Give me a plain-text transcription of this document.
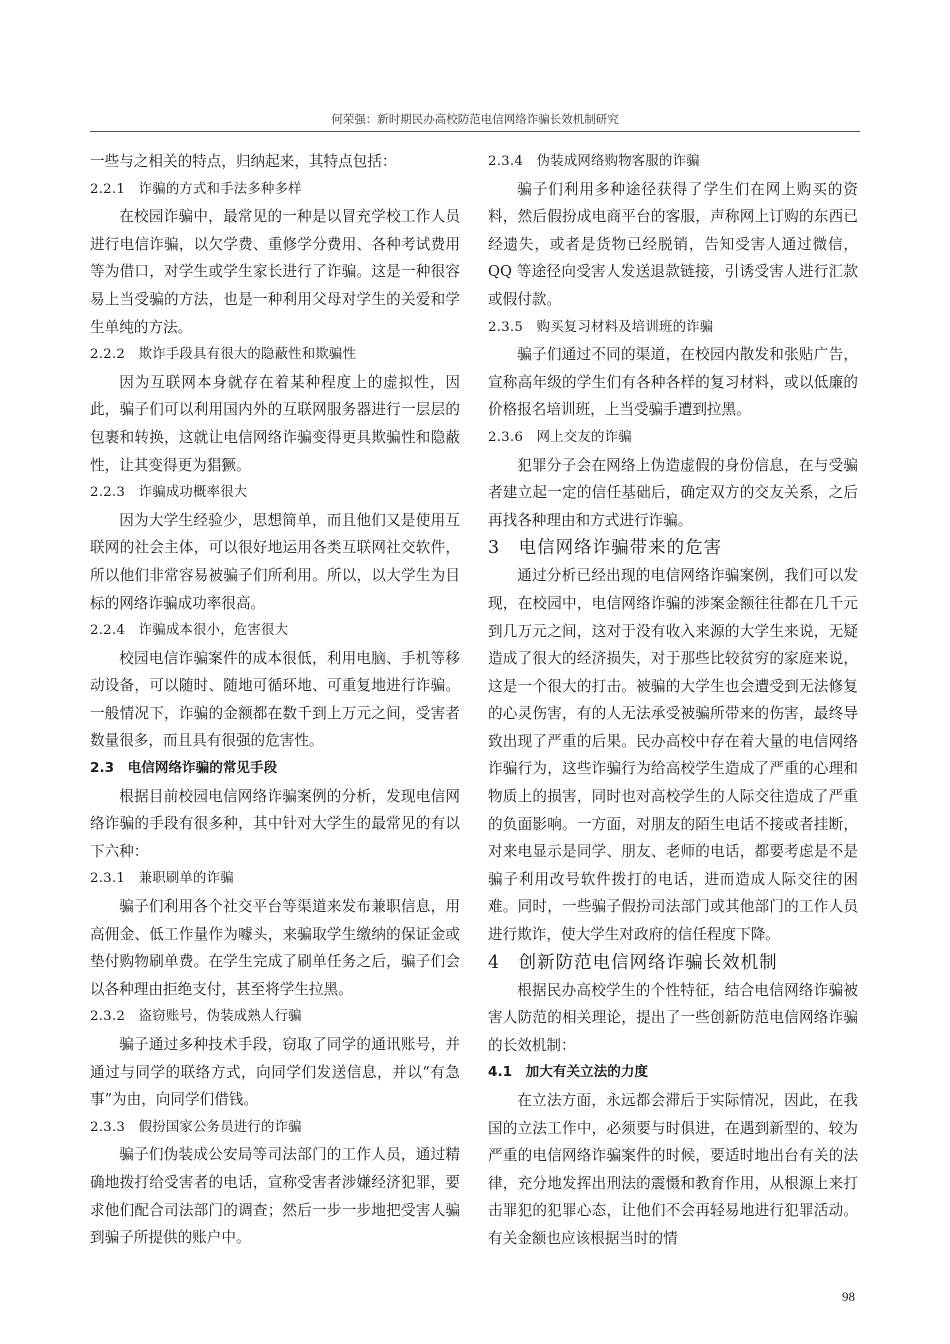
何荣强：新时期民办高校防范电信网络诈骗长效机制研究

一些与之相关的特点，归纳起来，其特点包括：

2.2.1　诈骗的方式和手法多种多样

在校园诈骗中，最常见的一种是以冒充学校工作人员进行电信诈骗，以欠学费、重修学分费用、各种考试费用等为借口，对学生或学生家长进行了诈骗。这是一种很容易上当受骗的方法，也是一种利用父母对学生的关爱和学生单纯的方法。

2.2.2　欺诈手段具有很大的隐蔽性和欺骗性

因为互联网本身就存在着某种程度上的虚拟性，因此，骗子们可以利用国内外的互联网服务器进行一层层的包裹和转换，这就让电信网络诈骗变得更具欺骗性和隐蔽性，让其变得更为猖獗。

2.2.3　诈骗成功概率很大

因为大学生经验少，思想简单，而且他们又是使用互联网的社会主体，可以很好地运用各类互联网社交软件，所以他们非常容易被骗子们所利用。所以，以大学生为目标的网络诈骗成功率很高。

2.2.4　诈骗成本很小，危害很大

校园电信诈骗案件的成本很低，利用电脑、手机等移动设备，可以随时、随地可循环地、可重复地进行诈骗。一般情况下，诈骗的金额都在数千到上万元之间，受害者数量很多，而且具有很强的危害性。

2.3　电信网络诈骗的常见手段

根据目前校园电信网络诈骗案例的分析，发现电信网络诈骗的手段有很多种，其中针对大学生的最常见的有以下六种：

2.3.1　兼职刷单的诈骗

骗子们利用各个社交平台等渠道来发布兼职信息，用高佣金、低工作量作为噱头，来骗取学生缴纳的保证金或垫付购物刷单费。在学生完成了刷单任务之后，骗子们会以各种理由拒绝支付，甚至将学生拉黑。

2.3.2　盗窃账号，伪装成熟人行骗

骗子通过多种技术手段，窃取了同学的通讯账号，并通过与同学的联络方式，向同学们发送信息，并以“有急事”为由，向同学们借钱。

2.3.3　假扮国家公务员进行的诈骗

骗子们伪装成公安局等司法部门的工作人员，通过精确地拨打给受害者的电话，宣称受害者涉嫌经济犯罪，要求他们配合司法部门的调查；然后一步一步地把受害人骗到骗子所提供的账户中。

2.3.4　伪装成网络购物客服的诈骗

骗子们利用多种途径获得了学生们在网上购买的资料，然后假扮成电商平台的客服，声称网上订购的东西已经遗失，或者是货物已经脱销，告知受害人通过微信，QQ 等途径向受害人发送退款链接，引诱受害人进行汇款或假付款。

2.3.5　购买复习材料及培训班的诈骗

骗子们通过不同的渠道，在校园内散发和张贴广告，宣称高年级的学生们有各种各样的复习材料，或以低廉的价格报名培训班，上当受骗手遭到拉黑。

2.3.6　网上交友的诈骗

犯罪分子会在网络上伪造虚假的身份信息，在与受骗者建立起一定的信任基础后，确定双方的交友关系，之后再找各种理由和方式进行诈骗。

3　电信网络诈骗带来的危害

通过分析已经出现的电信网络诈骗案例，我们可以发现，在校园中，电信网络诈骗的涉案金额往往都在几千元到几万元之间，这对于没有收入来源的大学生来说，无疑造成了很大的经济损失，对于那些比较贫穷的家庭来说，这是一个很大的打击。被骗的大学生也会遭受到无法修复的心灵伤害，有的人无法承受被骗所带来的伤害，最终导致出现了严重的后果。民办高校中存在着大量的电信网络诈骗行为，这些诈骗行为给高校学生造成了严重的心理和物质上的损害，同时也对高校学生的人际交往造成了严重的负面影响。一方面，对朋友的陌生电话不接或者挂断，对来电显示是同学、朋友、老师的电话，都要考虑是不是骗子利用改号软件拨打的电话，进而造成人际交往的困难。同时，一些骗子假扮司法部门或其他部门的工作人员进行欺诈，使大学生对政府的信任程度下降。

4　创新防范电信网络诈骗长效机制

根据民办高校学生的个性特征，结合电信网络诈骗被害人防范的相关理论，提出了一些创新防范电信网络诈骗的长效机制：

4.1　加大有关立法的力度

在立法方面，永远都会滞后于实际情况，因此，在我国的立法工作中，必须要与时俱进，在遇到新型的、较为严重的电信网络诈骗案件的时候，要适时地出台有关的法律，充分地发挥出刑法的震慑和教育作用，从根源上来打击罪犯的犯罪心态，让他们不会再轻易地进行犯罪活动。有关金额也应该根据当时的情

98
